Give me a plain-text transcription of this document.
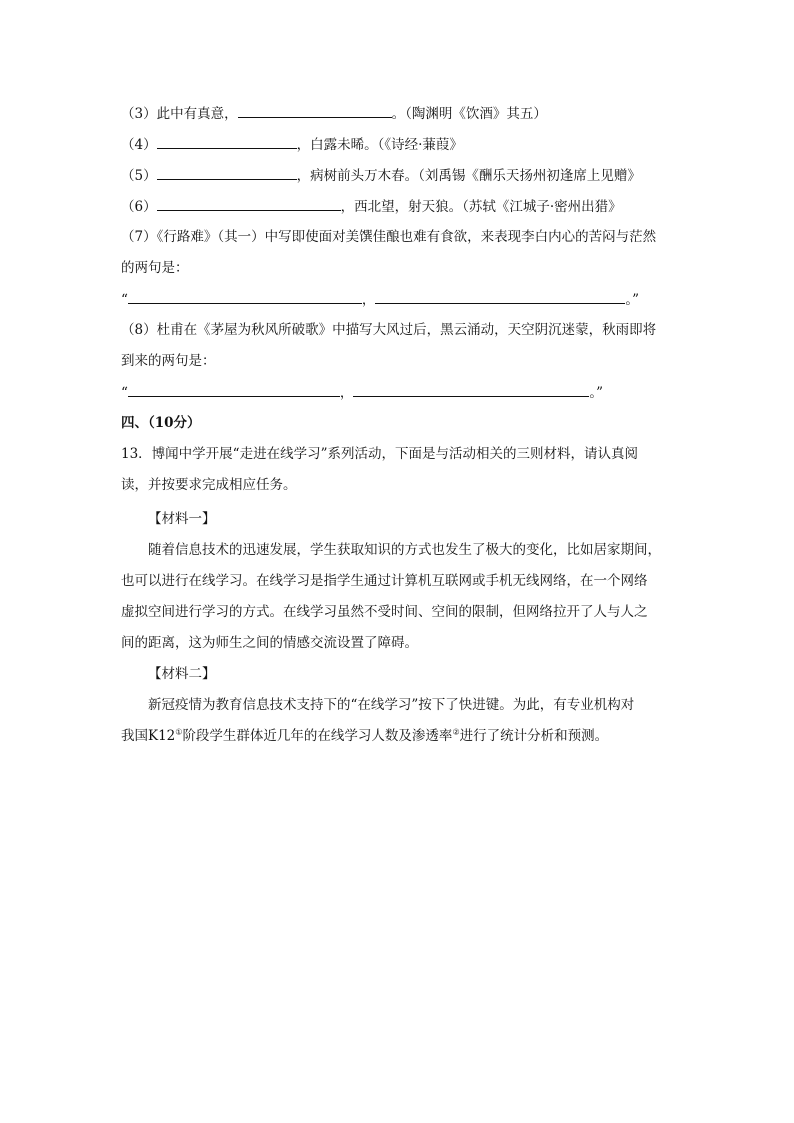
（3）此中有真意，	。（陶渊明《饮酒》其五）
（4）	，白露未晞。（《诗经·蒹葭》
（5）	，病树前头万木春。（刘禹锡《酬乐天扬州初逢席上见赠》
（6）	，西北望，射天狼。（苏轼《江城子·密州出猎》
（7）《行路难》（其一）中写即使面对美馔佳酿也难有食欲，来表现李白内心的苦闷与茫然
的两句是：
“	，	。”
（8）杜甫在《茅屋为秋风所破歌》中描写大风过后，黑云涌动，天空阴沉迷蒙，秋雨即将
到来的两句是：
“	，	。”
四、（10分）
13．博闻中学开展“走进在线学习”系列活动，下面是与活动相关的三则材料，请认真阅
读，并按要求完成相应任务。
【材料一】
随着信息技术的迅速发展，学生获取知识的方式也发生了极大的变化，比如居家期间，
也可以进行在线学习。在线学习是指学生通过计算机互联网或手机无线网络，在一个网络
虚拟空间进行学习的方式。在线学习虽然不受时间、空间的限制，但网络拉开了人与人之
间的距离，这为师生之间的情感交流设置了障碍。
【材料二】
新冠疫情为教育信息技术支持下的“在线学习”按下了快进键。为此，有专业机构对
我国K12①阶段学生群体近几年的在线学习人数及渗透率②进行了统计分析和预测。
